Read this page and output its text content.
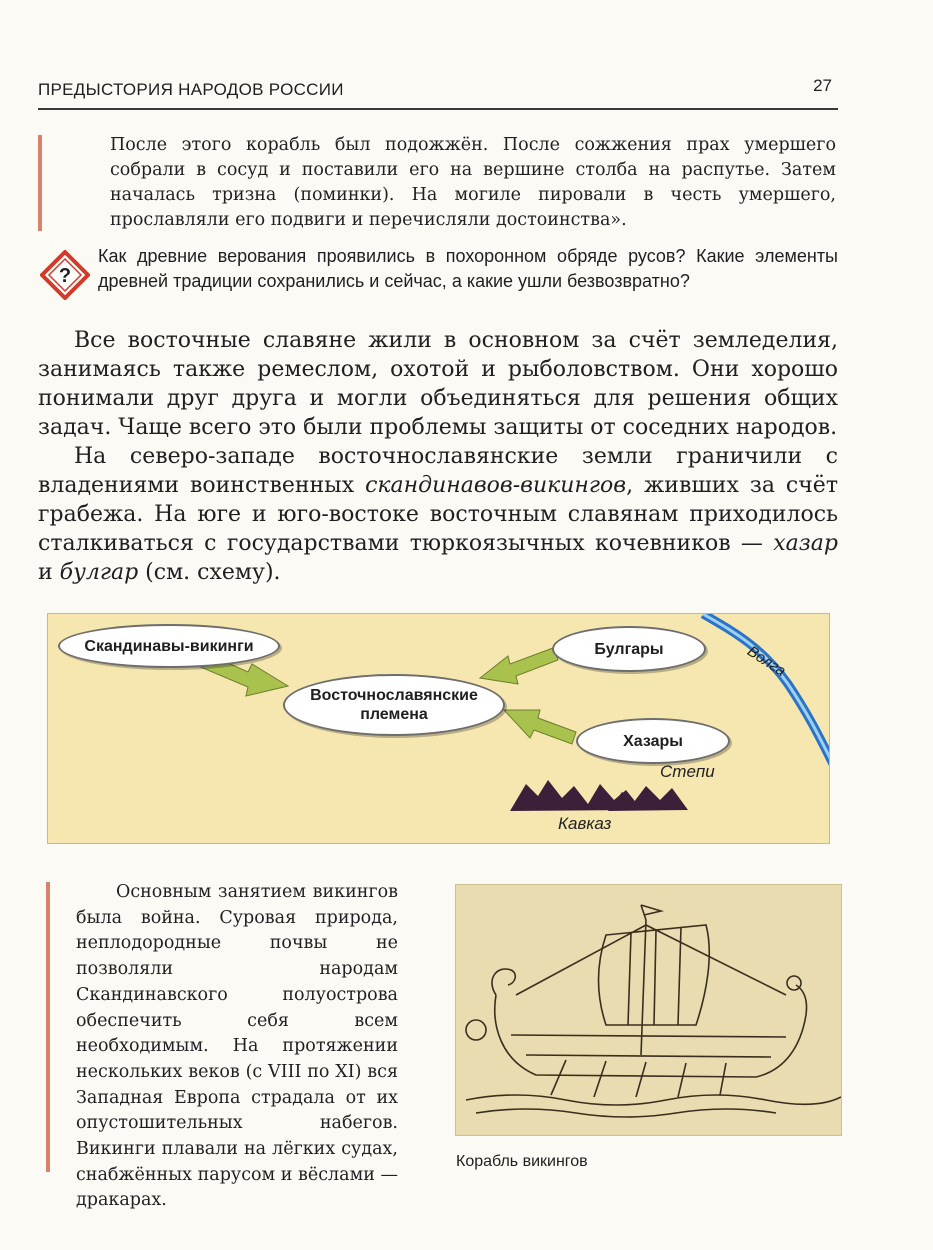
ПРЕДЫСТОРИЯ НАРОДОВ РОССИИ	27
После этого корабль был подожжён. После сожжения прах умершего собрали в сосуд и поставили его на вершине столба на распутье. Затем началась тризна (поминки). На могиле пировали в честь умершего, прославляли его подвиги и перечисляли достоинства».
?
Как древние верования проявились в похоронном обряде русов? Какие элементы древней традиции сохранились и сейчас, а какие ушли безвозвратно?

Все восточные славяне жили в основном за счёт земледелия, занимаясь также ремеслом, охотой и рыболовством. Они хорошо понимали друг друга и могли объединяться для решения общих задач. Чаще всего это были проблемы защиты от соседних народов.

На северо-западе восточнославянские земли граничили с владениями воинственных скандинавов-викингов, живших за счёт грабежа. На юге и юго-востоке восточным славянам приходилось сталкиваться с государствами тюркоязычных кочевников — хазар и булгар (см. схему).

Волга
Скандинавы-викинги
Восточнославянские
племена
Булгары
Хазары
Степи
Кавказ
Основным занятием викингов была война. Суровая природа, неплодородные почвы не позволяли народам Скандинавского полуострова обеспечить себя всем необходимым. На протяжении нескольких веков (с VIII по XI) вся Западная Европа страдала от их опустошительных набегов. Викинги плавали на лёгких судах, снабжённых парусом и вёслами — дракарах.
Корабль викингов
